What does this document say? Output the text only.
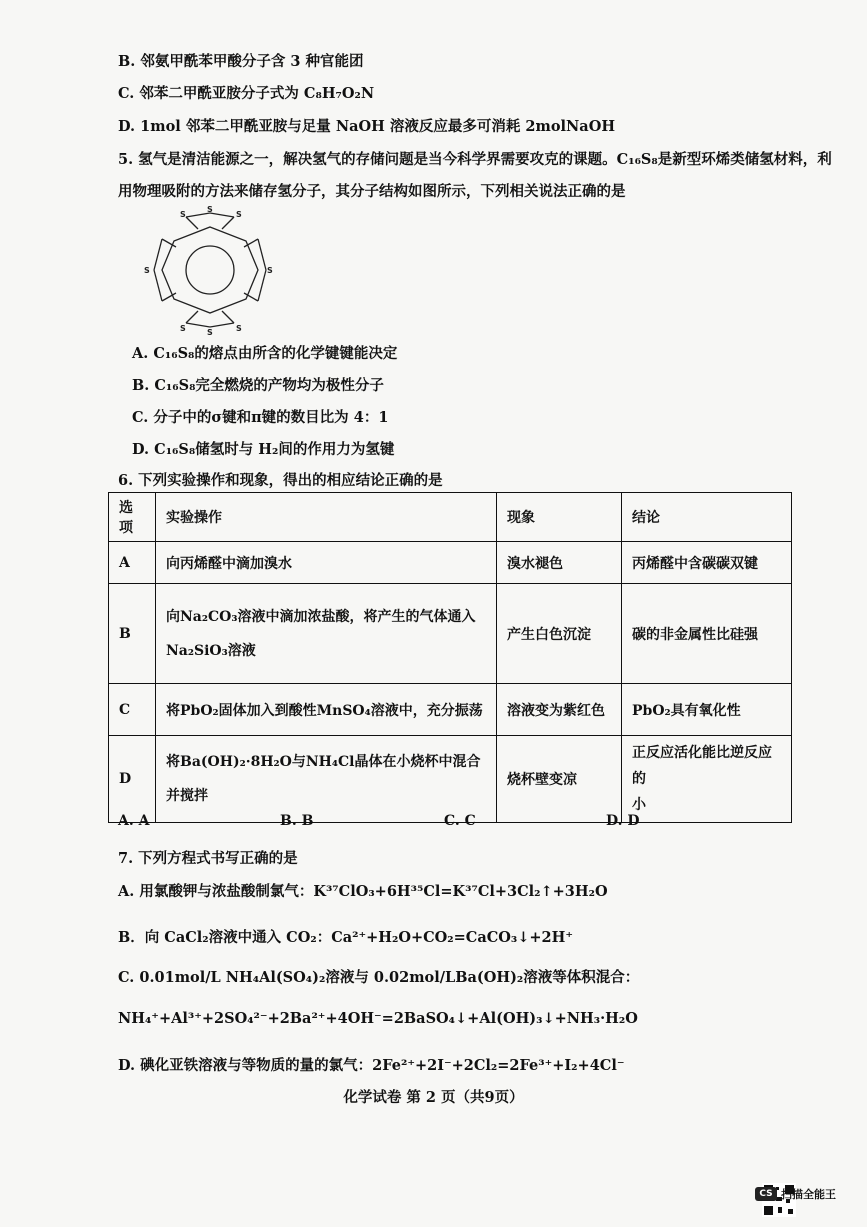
B. 邻氨甲酰苯甲酸分子含 3 种官能团
C. 邻苯二甲酰亚胺分子式为 C₈H₇O₂N
D. 1mol 邻苯二甲酰亚胺与足量 NaOH 溶液反应最多可消耗 2molNaOH
5. 氢气是清洁能源之一，解决氢气的存储问题是当今科学界需要攻克的课题。C₁₆S₈是新型环烯类储氢材料，利
用物理吸附的方法来储存氢分子，其分子结构如图所示，下列相关说法正确的是
S
S
S
S
S	S
S	S
A. C₁₆S₈的熔点由所含的化学键键能决定
B. C₁₆S₈完全燃烧的产物均为极性分子
C. 分子中的σ键和π键的数目比为 4：1
D. C₁₆S₈储氢时与 H₂间的作用力为氢键
6. 下列实验操作和现象，得出的相应结论正确的是
选项	实验操作	现象	结论
A	向丙烯醛中滴加溴水	溴水褪色	丙烯醛中含碳碳双键
B	向Na₂CO₃溶液中滴加浓盐酸，将产生的气体通入
Na₂SiO₃溶液	产生白色沉淀	碳的非金属性比硅强
C	将PbO₂固体加入到酸性MnSO₄溶液中，充分振荡	溶液变为紫红色	PbO₂具有氧化性
D	将Ba(OH)₂·8H₂O与NH₄Cl晶体在小烧杯中混合
并搅拌	烧杯壁变凉	正反应活化能比逆反应的
小
A. A	B. B	C. C	D. D
7. 下列方程式书写正确的是
A. 用氯酸钾与浓盐酸制氯气：K³⁷ClO₃+6H³⁵Cl=K³⁷Cl+3Cl₂↑+3H₂O
B．向 CaCl₂溶液中通入 CO₂：Ca²⁺+H₂O+CO₂=CaCO₃↓+2H⁺
C. 0.01mol/L NH₄Al(SO₄)₂溶液与 0.02mol/LBa(OH)₂溶液等体积混合：
NH₄⁺+Al³⁺+2SO₄²⁻+2Ba²⁺+4OH⁻=2BaSO₄↓+Al(OH)₃↓+NH₃·H₂O
D. 碘化亚铁溶液与等物质的量的氯气：2Fe²⁺+2I⁻+2Cl₂=2Fe³⁺+I₂+4Cl⁻
化学试卷 第 2 页（共9页）
CS 扫描全能王
